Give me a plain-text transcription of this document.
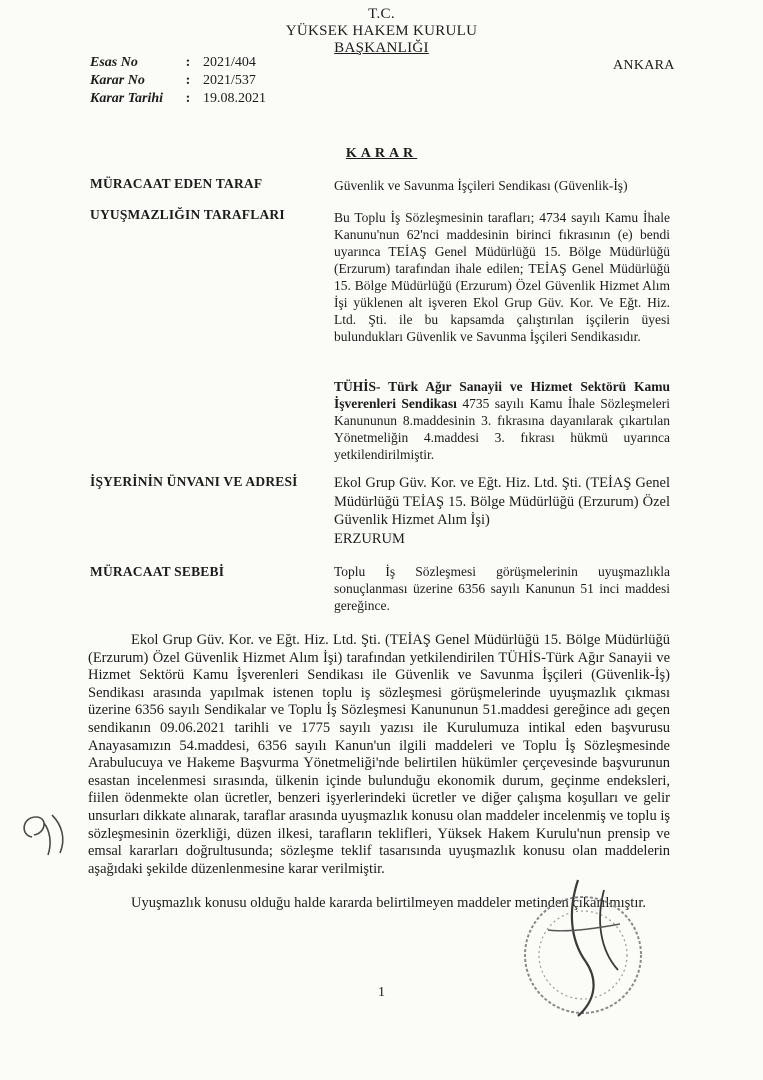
T.C.
YÜKSEK HAKEM KURULU
BAŞKANLIĞI
Esas No	: 2021/404
Karar No	: 2021/537
Karar Tarihi	: 19.08.2021
ANKARA
KARAR
MÜRACAAT EDEN TARAF	Güvenlik ve Savunma İşçileri Sendikası (Güvenlik-İş)
UYUŞMAZLIĞIN TARAFLARI	Bu Toplu İş Sözleşmesinin tarafları; 4734 sayılı Kamu İhale Kanunu'nun 62'nci maddesinin birinci fıkrasının (e) bendi uyarınca TEİAŞ Genel Müdürlüğü 15. Bölge Müdürlüğü (Erzurum) tarafından ihale edilen; TEİAŞ Genel Müdürlüğü 15. Bölge Müdürlüğü (Erzurum) Özel Güvenlik Hizmet Alım İşi yüklenen alt işveren Ekol Grup Güv. Kor. Ve Eğt. Hiz. Ltd. Şti. ile bu kapsamda çalıştırılan işçilerin üyesi bulundukları Güvenlik ve Savunma İşçileri Sendikasıdır.
TÜHİS- Türk Ağır Sanayii ve Hizmet Sektörü Kamu İşverenleri Sendikası 4735 sayılı Kamu İhale Sözleşmeleri Kanununun 8.maddesinin 3. fıkrasına dayanılarak çıkartılan Yönetmeliğin 4.maddesi 3. fıkrası hükmü uyarınca yetkilendirilmiştir.
İŞYERİNİN ÜNVANI VE ADRESİ	Ekol Grup Güv. Kor. ve Eğt. Hiz. Ltd. Şti. (TEİAŞ Genel Müdürlüğü TEİAŞ 15. Bölge Müdürlüğü (Erzurum) Özel Güvenlik Hizmet Alım İşi)
ERZURUM
MÜRACAAT SEBEBİ	Toplu İş Sözleşmesi görüşmelerinin uyuşmazlıkla sonuçlanması üzerine 6356 sayılı Kanunun 51 inci maddesi gereğince.
Ekol Grup Güv. Kor. ve Eğt. Hiz. Ltd. Şti. (TEİAŞ Genel Müdürlüğü 15. Bölge Müdürlüğü (Erzurum) Özel Güvenlik Hizmet Alım İşi) tarafından yetkilendirilen TÜHİS-Türk Ağır Sanayii ve Hizmet Sektörü Kamu İşverenleri Sendikası ile Güvenlik ve Savunma İşçileri (Güvenlik-İş) Sendikası arasında yapılmak istenen toplu iş sözleşmesi görüşmelerinde uyuşmazlık çıkması üzerine 6356 sayılı Sendikalar ve Toplu İş Sözleşmesi Kanununun 51.maddesi gereğince adı geçen sendikanın 09.06.2021 tarihli ve 1775 sayılı yazısı ile Kurulumuza intikal eden başvurusu Anayasamızın 54.maddesi, 6356 sayılı Kanun'un ilgili maddeleri ve Toplu İş Sözleşmesinde Arabulucuya ve Hakeme Başvurma Yönetmeliği'nde belirtilen hükümler çerçevesinde başvurunun esastan incelenmesi sırasında, ülkenin içinde bulunduğu ekonomik durum, geçinme endeksleri, fiilen ödenmekte olan ücretler, benzeri işyerlerindeki ücretler ve diğer çalışma koşulları ve gelir unsurları dikkate alınarak, taraflar arasında uyuşmazlık konusu olan maddeler incelenmiş ve toplu iş sözleşmesinin özerkliği, düzen ilkesi, tarafların teklifleri, Yüksek Hakem Kurulu'nun prensip ve emsal kararları doğrultusunda; sözleşme teklif tasarısında uyuşmazlık konusu olan maddelerin aşağıdaki şekilde düzenlenmesine karar verilmiştir.
Uyuşmazlık konusu olduğu halde kararda belirtilmeyen maddeler metinden çıkarılmıştır.
1
